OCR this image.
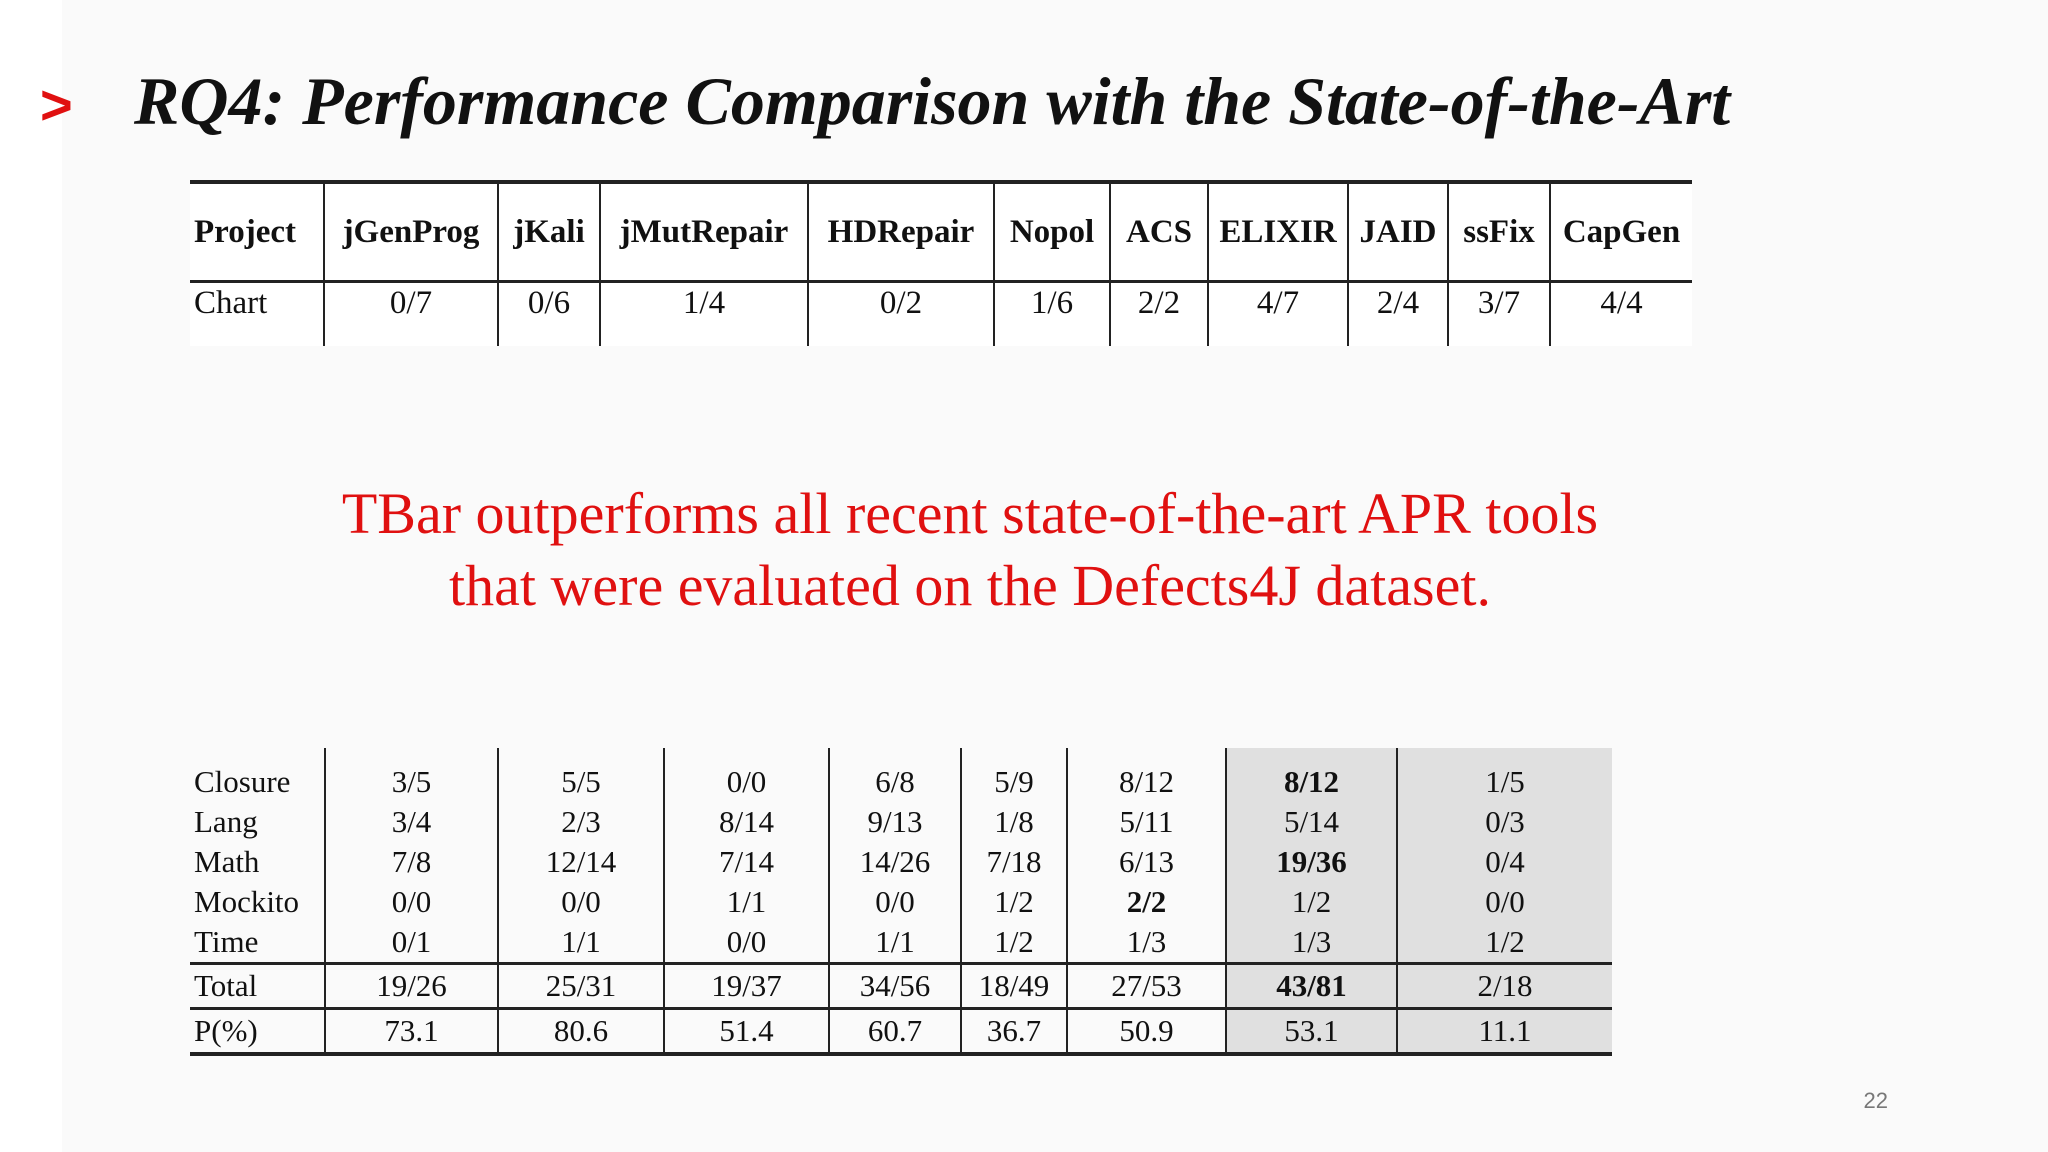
> RQ4: Performance Comparison with the State-of-the-Art
Project	jGenProg	jKali	jMutRepair	HDRepair	Nopol	ACS	ELIXIR	JAID	ssFix	CapGen
Chart	0/7	0/6	1/4	0/2	1/6	2/2	4/7	2/4	3/7	4/4

TBar outperforms all recent state-of-the-art APR tools
that were evaluated on the Defects4J dataset.

Closure	3/5	5/5	0/0	6/8	5/9	8/12	8/12	1/5
Lang	3/4	2/3	8/14	9/13	1/8	5/11	5/14	0/3
Math	7/8	12/14	7/14	14/26	7/18	6/13	19/36	0/4
Mockito	0/0	0/0	1/1	0/0	1/2	2/2	1/2	0/0
Time	0/1	1/1	0/0	1/1	1/2	1/3	1/3	1/2
Total	19/26	25/31	19/37	34/56	18/49	27/53	43/81	2/18
P(%)	73.1	80.6	51.4	60.7	36.7	50.9	53.1	11.1
22
